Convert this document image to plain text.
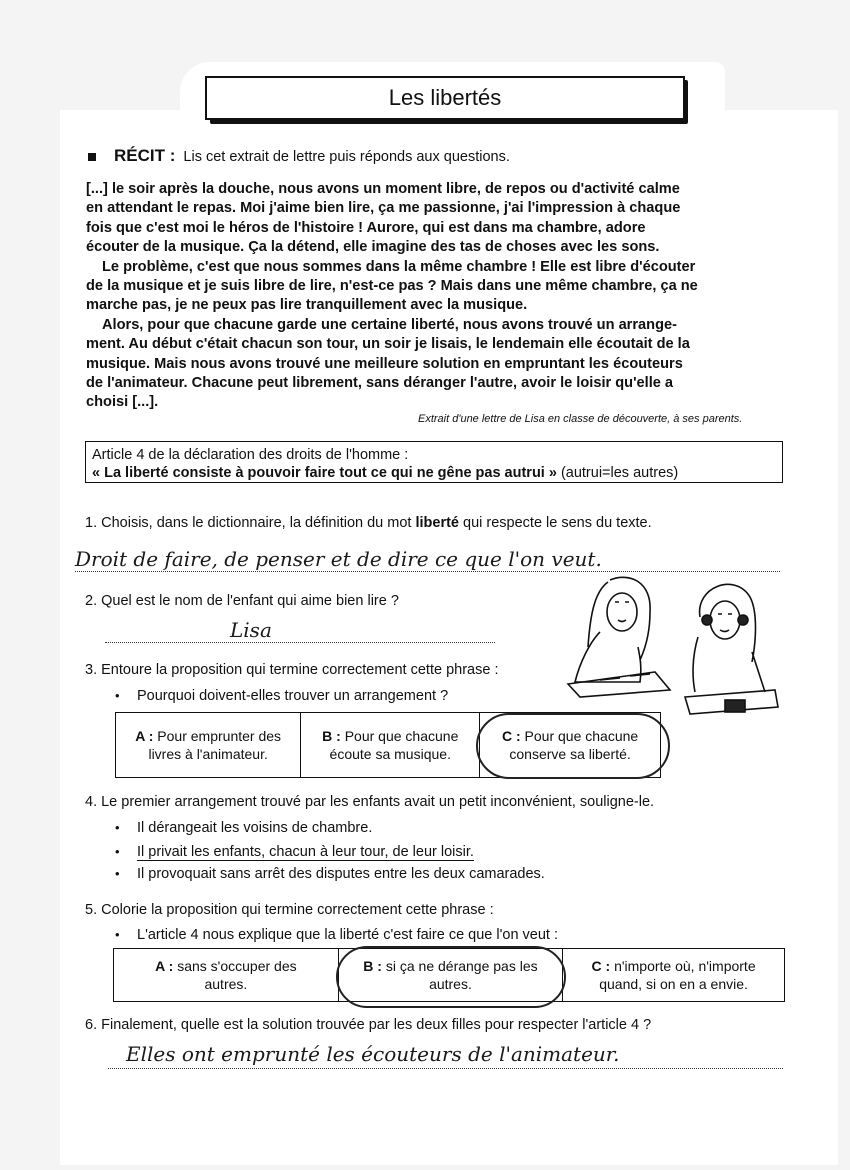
Les libertés
RÉCIT : Lis cet extrait de lettre puis réponds aux questions.
[...] le soir après la douche, nous avons un moment libre, de repos ou d'activité calme
en attendant le repas. Moi j'aime bien lire, ça me passionne, j'ai l'impression à chaque
fois que c'est moi le héros de l'histoire ! Aurore, qui est dans ma chambre, adore
écouter de la musique. Ça la détend, elle imagine des tas de choses avec les sons.
Le problème, c'est que nous sommes dans la même chambre ! Elle est libre d'écouter
de la musique et je suis libre de lire, n'est-ce pas ? Mais dans une même chambre, ça ne
marche pas, je ne peux pas lire tranquillement avec la musique.
Alors, pour que chacune garde une certaine liberté, nous avons trouvé un arrange-
ment. Au début c'était chacun son tour, un soir je lisais, le lendemain elle écoutait de la
musique. Mais nous avons trouvé une meilleure solution en empruntant les écouteurs
de l'animateur. Chacune peut librement, sans déranger l'autre, avoir le loisir qu'elle a
choisi [...].
Extrait d'une lettre de Lisa en classe de découverte, à ses parents.
Article 4 de la déclaration des droits de l'homme :
« La liberté consiste à pouvoir faire tout ce qui ne gêne pas autrui » (autrui=les autres)
1. Choisis, dans le dictionnaire, la définition du mot liberté qui respecte le sens du texte.
Droit de faire, de penser et de dire ce que l'on veut.
2. Quel est le nom de l'enfant qui aime bien lire ?
Lisa
3. Entoure la proposition qui termine correctement cette phrase :
• Pourquoi doivent-elles trouver un arrangement ?
A : Pour emprunter des
livres à l'animateur.	B : Pour que chacune
écoute sa musique.	C : Pour que chacune
conserve sa liberté.
4. Le premier arrangement trouvé par les enfants avait un petit inconvénient, souligne-le.
• Il dérangeait les voisins de chambre.
• Il privait les enfants, chacun à leur tour, de leur loisir.
• Il provoquait sans arrêt des disputes entre les deux camarades.
5. Colorie la proposition qui termine correctement cette phrase :
• L'article 4 nous explique que la liberté c'est faire ce que l'on veut :
A : sans s'occuper des
autres.	B : si ça ne dérange pas les
autres.	C : n'importe où, n'importe
quand, si on en a envie.
6. Finalement, quelle est la solution trouvée par les deux filles pour respecter l'article 4 ?
Elles ont emprunté les écouteurs de l'animateur.
